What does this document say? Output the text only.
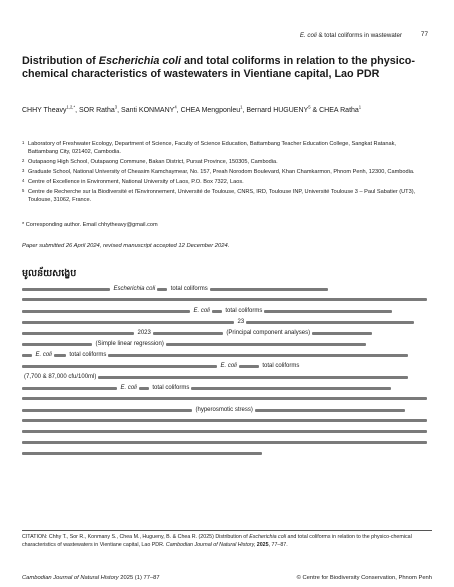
E. coli & total coliforms in wastewater	77
Distribution of Escherichia coli and total coliforms in relation to the physico-chemical characteristics of wastewaters in Vientiane capital, Lao PDR
CHHY Theavy$^{1,2,*}$, SOR Ratha$^3$, Santi KONMANY$^4$, CHEA Mengponleu$^1$, Bernard HUGUENY$^5$ & CHEA Ratha$^1$
1 Laboratory of Freshwater Ecology, Department of Science, Faculty of Science Education, Battambang Teacher Education College, Sangkat Ratanak, Battambang City, 021402, Cambodia.
2 Outapaong High School, Outapaong Commune, Bakan District, Pursat Province, 150305, Cambodia.
3 Graduate School, National University of Cheasim Kamchaymear, No. 157, Preah Norodom Boulevard, Khan Chamkarmon, Phnom Penh, 12300, Cambodia.
4 Centre of Excellence in Environment, National University of Laos, P.O. Box 7322, Laos.
5 Centre de Recherche sur la Biodiversité et l'Environnement, Université de Toulouse, CNRS, IRD, Toulouse INP, Université Toulouse 3 – Paul Sabatier (UT3), Toulouse, 31062, France.
* Corresponding author. Email chhytheavy@gmail.com
Paper submitted 26 April 2024, revised manuscript accepted 12 December 2024.
មូលន័យសង្ខេប
Escherichia coli	total coliforms
E. coli	total coliforms
23
2023	(Principal component analyses)
(Simple linear regression)
E. coli	total coliforms
E. coli	total coliforms
(7,700 & 87,000 cfu/100ml)
E. coli	total coliforms
(hyperosmotic stress)
CITATION: Chhy T., Sor R., Konmany S., Chea M., Hugueny, B. & Chea R. (2025) Distribution of Escherichia coli and total coliforms in relation to the physico-chemical characteristics of wastewaters in Vientiane capital, Lao PDR. Cambodian Journal of Natural History, 2025, 77–87.
Cambodian Journal of Natural History 2025 (1) 77–87	© Centre for Biodiversity Conservation, Phnom Penh
